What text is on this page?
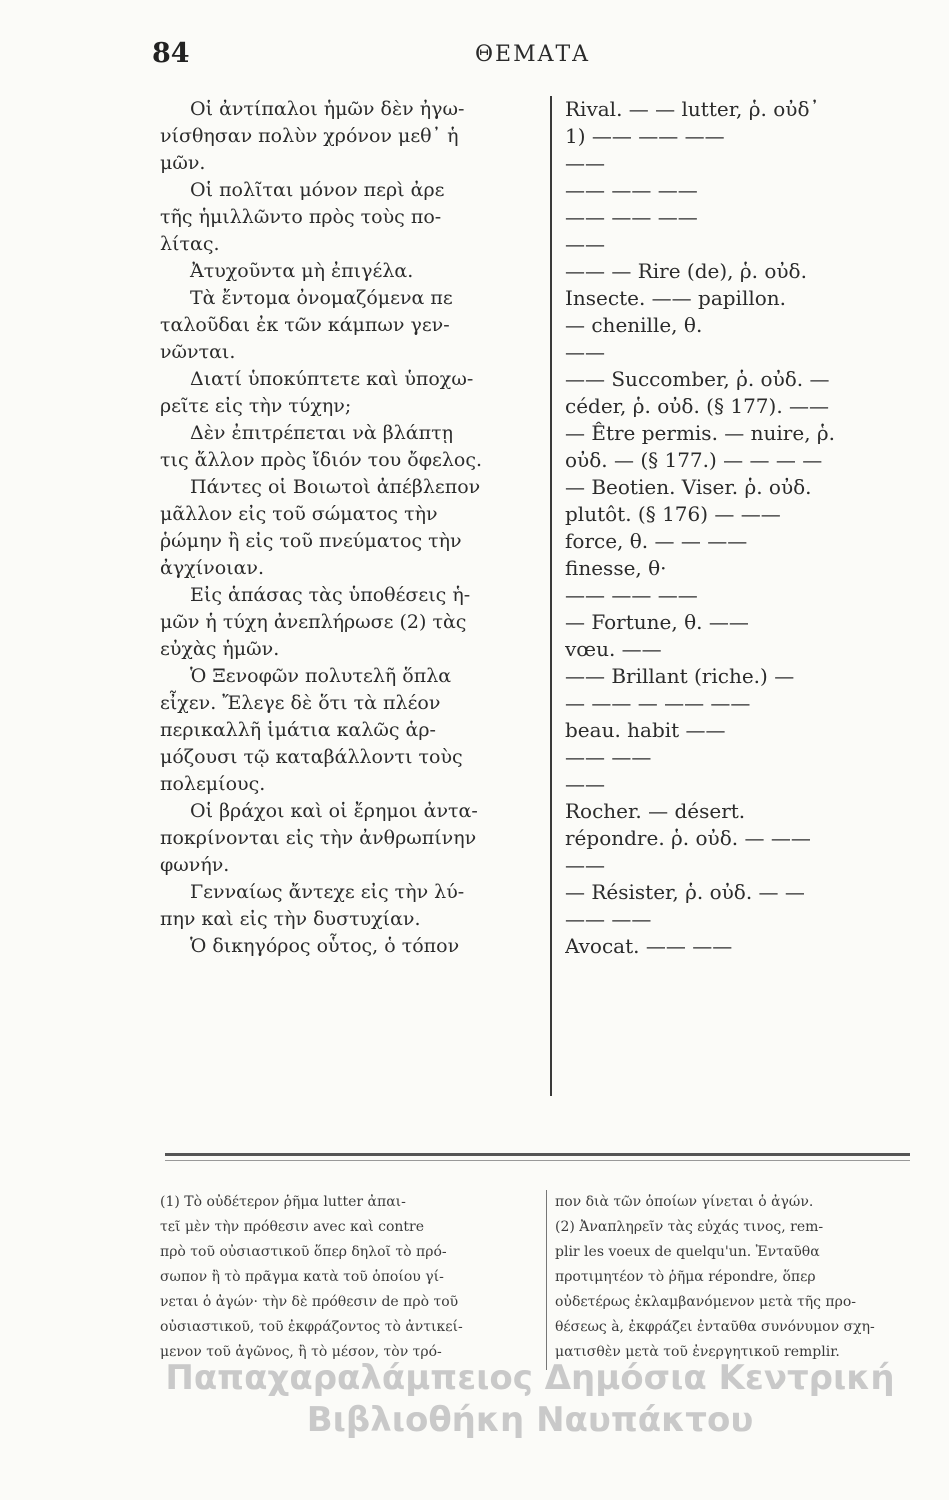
84	ΘΕΜΑΤΑ
Οἱ ἀντίπαλοι ἡμῶν δὲν ἠγω-
νίσθησαν πολὺν χρόνον μεθ᾽ ἡ
μῶν.
Οἱ πολῖται μόνον περὶ ἀρε
τῆς ἡμιλλῶντο πρὸς τοὺς πο-
λίτας.
Ἀτυχοῦντα μὴ ἐπιγέλα.
Τὰ ἔντομα ὀνομαζόμενα πε
ταλοῦδαι ἐκ τῶν κάμπων γεν-
νῶνται.
Διατί ὑποκύπτετε καὶ ὑποχω-
ρεῖτε εἰς τὴν τύχην;
Δὲν ἐπιτρέπεται νὰ βλάπτῃ
τις ἄλλον πρὸς ἴδιόν του ὄφελος.
Πάντες οἱ Βοιωτοὶ ἀπέβλεπον
μᾶλλον εἰς τοῦ σώματος τὴν
ῥώμην ἢ εἰς τοῦ πνεύματος τὴν
ἀγχίνοιαν.
Εἰς ἁπάσας τὰς ὑποθέσεις ἡ-
μῶν ἡ τύχη ἀνεπλήρωσε (2) τὰς
εὐχὰς ἡμῶν.
Ὁ Ξενοφῶν πολυτελῆ ὅπλα
εἶχεν. Ἔλεγε δὲ ὅτι τὰ πλέον
περικαλλῆ ἱμάτια καλῶς ἁρ-
μόζουσι τῷ καταβάλλοντι τοὺς
πολεμίους.
Οἱ βράχοι καὶ οἱ ἔρημοι ἀντα-
ποκρίνονται εἰς τὴν ἀνθρωπίνην
φωνήν.
Γενναίως ἄντεχε εἰς τὴν λύ-
πην καὶ εἰς τὴν δυστυχίαν.
Ὁ δικηγόρος οὗτος, ὁ τόπον
Rival. — — lutter, ῥ. οὐδ᾽
1) —— —— ——
——
—— —— ——
—— —— ——
——
—— — Rire (de), ῥ. οὐδ.
Insecte. —— papillon.
— chenille, θ.
——
—— Succomber, ῥ. οὐδ. —
céder, ῥ. οὐδ. (§ 177). ——
— Être permis. — nuire, ῥ.
οὐδ. — (§ 177.) — — — —
— Beotien. Viser. ῥ. οὐδ.
plutôt. (§ 176) — ——
force, θ. — — ——
finesse, θ·
—— —— ——
— Fortune, θ. ——
vœu. ——
—— Brillant (riche.) —
— —— — —— ——
beau. habit ——
—— ——
——
Rocher. — désert.
répondre. ῥ. οὐδ. — ——
——
— Résister, ῥ. οὐδ. — —
—— ——
Avocat. —— ——
(1) Τὸ οὐδέτερον ῥῆμα lutter ἀπαι-
τεῖ μὲν τὴν πρόθεσιν avec καὶ contre
πρὸ τοῦ οὐσιαστικοῦ ὅπερ δηλοῖ τὸ πρό-
σωπον ἢ τὸ πρᾶγμα κατὰ τοῦ ὁποίου γί-
νεται ὁ ἀγών· τὴν δὲ πρόθεσιν de πρὸ τοῦ
οὐσιαστικοῦ, τοῦ ἐκφράζοντος τὸ ἀντικεί-
μενον τοῦ ἀγῶνος, ἢ τὸ μέσον, τὸν τρό-
πον διὰ τῶν ὁποίων γίνεται ὁ ἀγών.
(2) Ἀναπληρεῖν τὰς εὐχάς τινος, rem-
plir les voeux de quelqu'un. Ἐνταῦθα
προτιμητέον τὸ ῥῆμα répondre, ὅπερ
οὐδετέρως ἐκλαμβανόμενον μετὰ τῆς προ-
θέσεως à, ἐκφράζει ἐνταῦθα συνόνυμον σχη-
ματισθὲν μετὰ τοῦ ἐνεργητικοῦ remplir.
Παπαχαραλάμπειος Δημόσια Κεντρική
Βιβλιοθήκη Ναυπάκτου
